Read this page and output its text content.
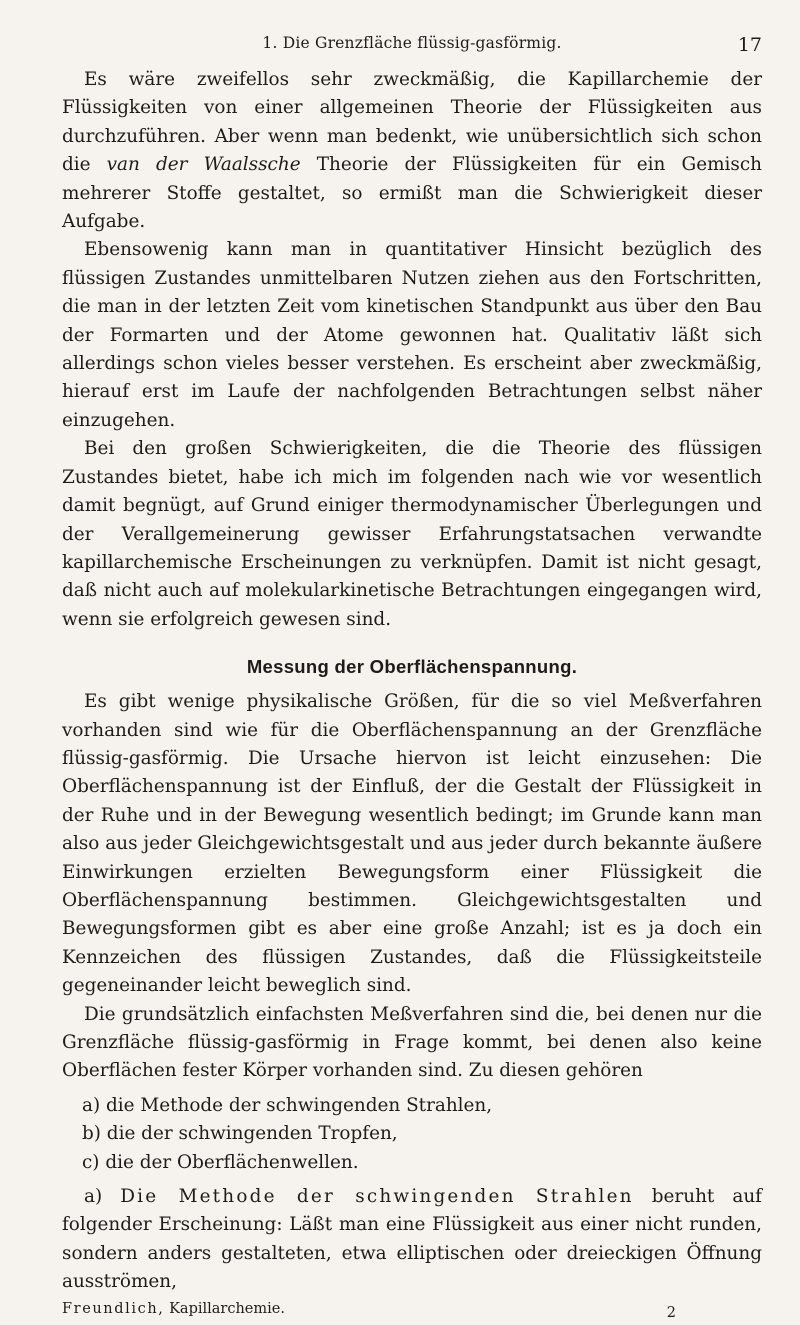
1. Die Grenzfläche flüssig-gasförmig.	17

Es wäre zweifellos sehr zweckmäßig, die Kapillarchemie der Flüssigkeiten von einer allgemeinen Theorie der Flüssigkeiten aus durchzuführen. Aber wenn man bedenkt, wie unübersichtlich sich schon die van der Waalssche Theorie der Flüssigkeiten für ein Gemisch mehrerer Stoffe gestaltet, so ermißt man die Schwierigkeit dieser Aufgabe.

Ebensowenig kann man in quantitativer Hinsicht bezüglich des flüssigen Zustandes unmittelbaren Nutzen ziehen aus den Fortschritten, die man in der letzten Zeit vom kinetischen Standpunkt aus über den Bau der Formarten und der Atome gewonnen hat. Qualitativ läßt sich allerdings schon vieles besser verstehen. Es erscheint aber zweckmäßig, hierauf erst im Laufe der nachfolgenden Betrachtungen selbst näher einzugehen.

Bei den großen Schwierigkeiten, die die Theorie des flüssigen Zustandes bietet, habe ich mich im folgenden nach wie vor wesentlich damit begnügt, auf Grund einiger thermodynamischer Überlegungen und der Verallgemeinerung gewisser Erfahrungstatsachen verwandte kapillarchemische Erscheinungen zu verknüpfen. Damit ist nicht gesagt, daß nicht auch auf molekularkinetische Betrachtungen eingegangen wird, wenn sie erfolgreich gewesen sind.

Messung der Oberflächenspannung.

Es gibt wenige physikalische Größen, für die so viel Meßverfahren vorhanden sind wie für die Oberflächenspannung an der Grenzfläche flüssig-gasförmig. Die Ursache hiervon ist leicht einzusehen: Die Oberflächenspannung ist der Einfluß, der die Gestalt der Flüssigkeit in der Ruhe und in der Bewegung wesentlich bedingt; im Grunde kann man also aus jeder Gleichgewichtsgestalt und aus jeder durch bekannte äußere Einwirkungen erzielten Bewegungsform einer Flüssigkeit die Oberflächenspannung bestimmen. Gleichgewichtsgestalten und Bewegungsformen gibt es aber eine große Anzahl; ist es ja doch ein Kennzeichen des flüssigen Zustandes, daß die Flüssigkeitsteile gegeneinander leicht beweglich sind.

Die grundsätzlich einfachsten Meßverfahren sind die, bei denen nur die Grenzfläche flüssig-gasförmig in Frage kommt, bei denen also keine Oberflächen fester Körper vorhanden sind. Zu diesen gehören

a) die Methode der schwingenden Strahlen,
b) die der schwingenden Tropfen,
c) die der Oberflächenwellen.

a) Die Methode der schwingenden Strahlen beruht auf folgender Erscheinung: Läßt man eine Flüssigkeit aus einer nicht runden, sondern anders gestalteten, etwa elliptischen oder dreieckigen Öffnung ausströmen,

Freundlich, Kapillarchemie.	2
